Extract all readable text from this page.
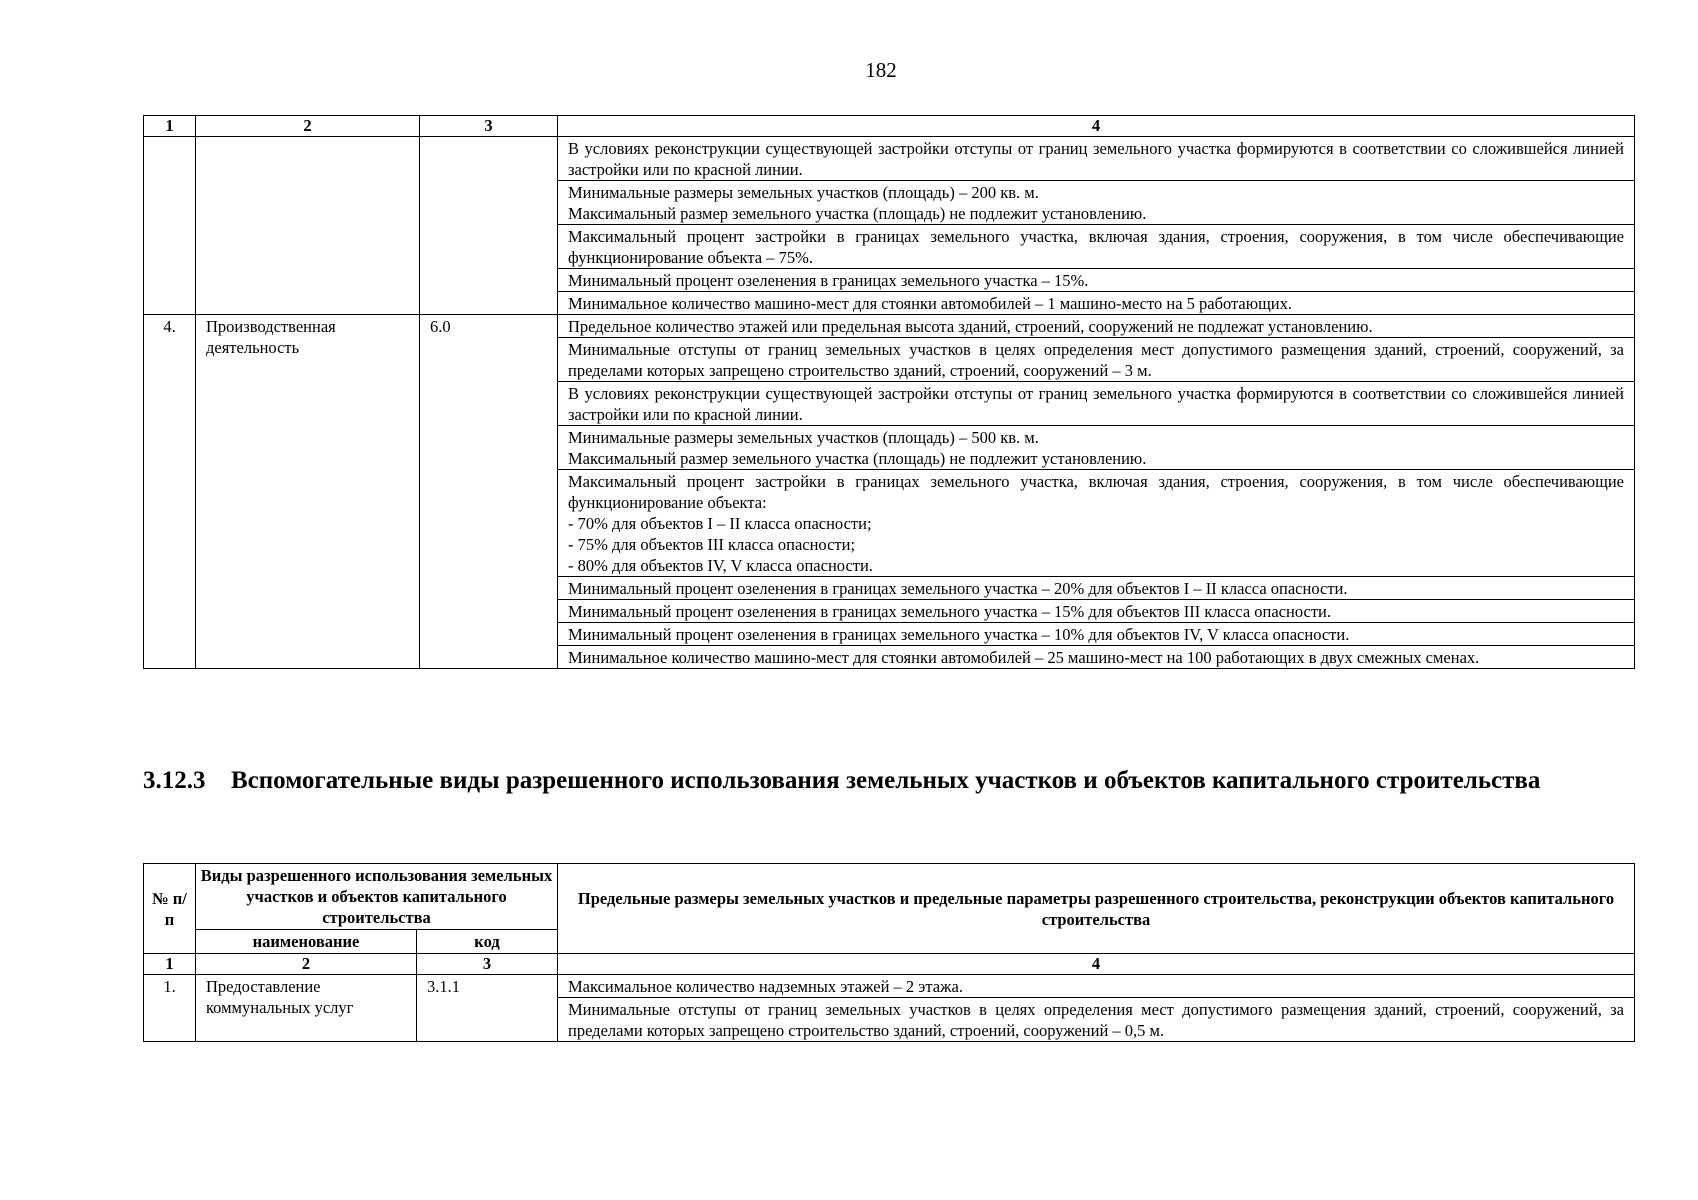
182
1	2	3	4
			В условиях реконструкции существующей застройки отступы от границ земельного участка формируются в соответствии со сложившейся линией застройки или по красной линии.
			Минимальные размеры земельных участков (площадь) – 200 кв. м.
Максимальный размер земельного участка (площадь) не подлежит установлению.
			Максимальный процент застройки в границах земельного участка, включая здания, строения, сооружения, в том числе обеспечивающие функционирование объекта – 75%.
			Минимальный процент озеленения в границах земельного участка – 15%.
			Минимальное количество машино-мест для стоянки автомобилей – 1 машино-место на 5 работающих.
4.	Производственная деятельность	6.0	Предельное количество этажей или предельная высота зданий, строений, сооружений не подлежат установлению.
			Минимальные отступы от границ земельных участков в целях определения мест допустимого размещения зданий, строений, сооружений, за пределами которых запрещено строительство зданий, строений, сооружений – 3 м.
			В условиях реконструкции существующей застройки отступы от границ земельного участка формируются в соответствии со сложившейся линией застройки или по красной линии.
			Минимальные размеры земельных участков (площадь) – 500 кв. м.
Максимальный размер земельного участка (площадь) не подлежит установлению.
			Максимальный процент застройки в границах земельного участка, включая здания, строения, сооружения, в том числе обеспечивающие функционирование объекта:
- 70% для объектов I – II класса опасности;
- 75% для объектов III класса опасности;
- 80% для объектов IV, V класса опасности.
			Минимальный процент озеленения в границах земельного участка – 20% для объектов I – II класса опасности.
			Минимальный процент озеленения в границах земельного участка – 15% для объектов III класса опасности.
			Минимальный процент озеленения в границах земельного участка – 10% для объектов IV, V класса опасности.
			Минимальное количество машино-мест для стоянки автомобилей – 25 машино-мест на 100 работающих в двух смежных сменах.
3.12.3 Вспомогательные виды разрешенного использования земельных участков и объектов капитального строительства
№ п/п	Виды разрешенного использования земельных участков и объектов капитального строительства		Предельные размеры земельных участков и предельные параметры разрешенного строительства, реконструкции объектов капитального строительства
	наименование	код	
1	2	3	4
1.	Предоставление коммунальных услуг	3.1.1	Максимальное количество надземных этажей – 2 этажа.
			Минимальные отступы от границ земельных участков в целях определения мест допустимого размещения зданий, строений, сооружений, за пределами которых запрещено строительство зданий, строений, сооружений – 0,5 м.
